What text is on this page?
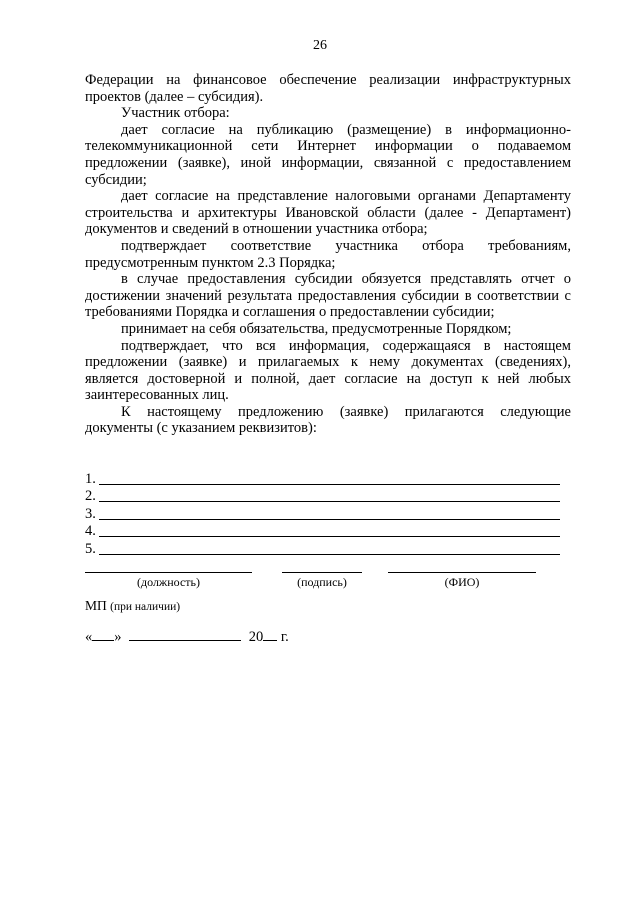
26

Федерации на финансовое обеспечение реализации инфраструктурных проектов (далее – субсидия).

Участник отбора:

дает согласие на публикацию (размещение) в информационно-телекоммуникационной сети Интернет информации о подаваемом предложении (заявке), иной информации, связанной с предоставлением субсидии;

дает согласие на представление налоговыми органами Департаменту строительства и архитектуры Ивановской области (далее - Департамент) документов и сведений в отношении участника отбора;

подтверждает соответствие участника отбора требованиям, предусмотренным пунктом 2.3 Порядка;

в случае предоставления субсидии обязуется представлять отчет о достижении значений результата предоставления субсидии в соответствии с требованиями Порядка и соглашения о предоставлении субсидии;

принимает на себя обязательства, предусмотренные Порядком;

подтверждает, что вся информация, содержащаяся в настоящем предложении (заявке) и прилагаемых к нему документах (сведениях), является достоверной и полной, дает согласие на доступ к ней любых заинтересованных лиц.

К настоящему предложению (заявке) прилагаются следующие документы (с указанием реквизитов):

1.
2.
3.
4.
5.
(должность)	(подпись)	(ФИО)
МП (при наличии)
« »	20 г.
